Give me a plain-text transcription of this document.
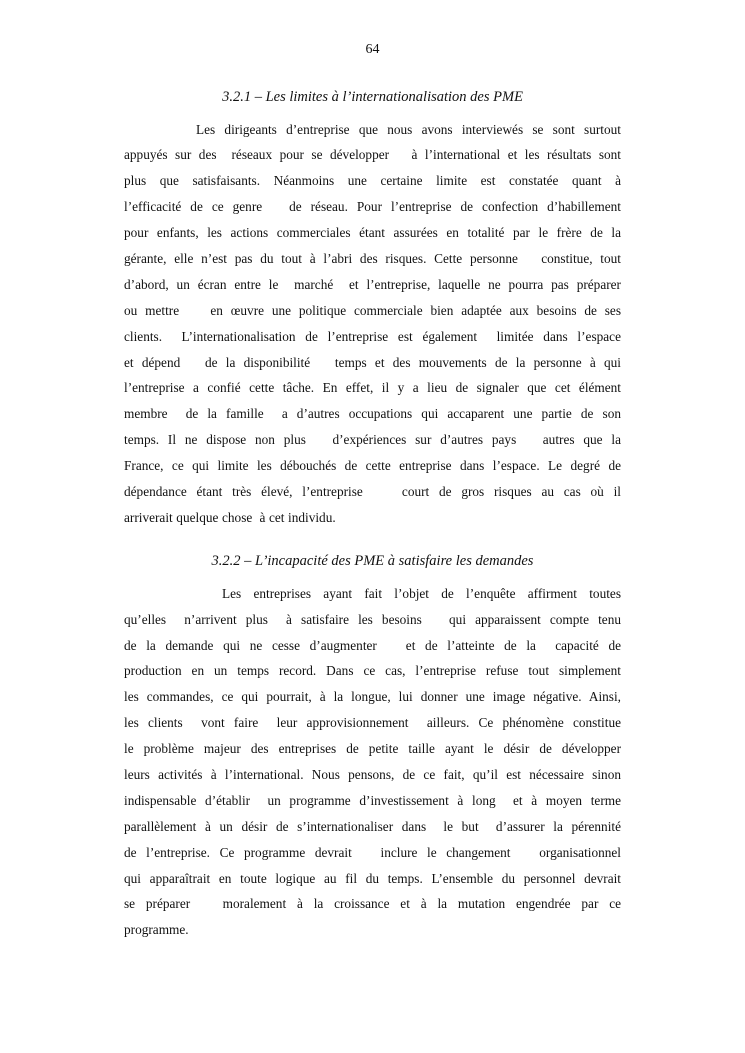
64
3.2.1 – Les limites à l’internationalisation des PME
Les dirigeants d’entreprise que nous avons interviewés se sont surtout
appuyés sur des  réseaux pour se développer   à l’international et les résultats sont
plus que satisfaisants. Néanmoins une certaine limite est constatée quant à
l’efficacité de ce genre   de réseau. Pour l’entreprise de confection d’habillement
pour enfants, les actions commerciales étant assurées en totalité par le frère de la
gérante, elle n’est pas du tout à l’abri des risques. Cette personne   constitue, tout
d’abord, un écran entre le  marché  et l’entreprise, laquelle ne pourra pas préparer
ou mettre    en œuvre une politique commerciale bien adaptée aux besoins de ses
clients.  L’internationalisation de l’entreprise est également  limitée dans l’espace
et dépend   de la disponibilité   temps et des mouvements de la personne à qui
l’entreprise a confié cette tâche. En effet, il y a lieu de signaler que cet élément
membre  de la famille  a d’autres occupations qui accaparent une partie de son
temps. Il ne dispose non plus   d’expériences sur d’autres pays   autres que la
France, ce qui limite les débouchés de cette entreprise dans l’espace. Le degré de
dépendance étant très élevé, l’entreprise    court de gros risques au cas où il
arriverait quelque chose  à cet individu.
3.2.2 – L’incapacité des PME à satisfaire les demandes
Les entreprises ayant fait l’objet de l’enquête affirment toutes
qu’elles  n’arrivent plus  à satisfaire les besoins   qui apparaissent compte tenu
de la demande qui ne cesse d’augmenter   et de l’atteinte de la  capacité de
production en un temps record. Dans ce cas, l’entreprise refuse tout simplement
les commandes, ce qui pourrait, à la longue, lui donner une image négative. Ainsi,
les clients  vont faire  leur approvisionnement  ailleurs. Ce phénomène constitue
le problème majeur des entreprises de petite taille ayant le désir de développer
leurs activités à l’international. Nous pensons, de ce fait, qu’il est nécessaire sinon
indispensable d’établir  un programme d’investissement à long  et à moyen terme
parallèlement à un désir de s’internationaliser dans  le but  d’assurer la pérennité
de l’entreprise. Ce programme devrait   inclure le changement   organisationnel
qui apparaîtrait en toute logique au fil du temps. L’ensemble du personnel devrait
se préparer   moralement à la croissance et à la mutation engendrée par ce
programme.
